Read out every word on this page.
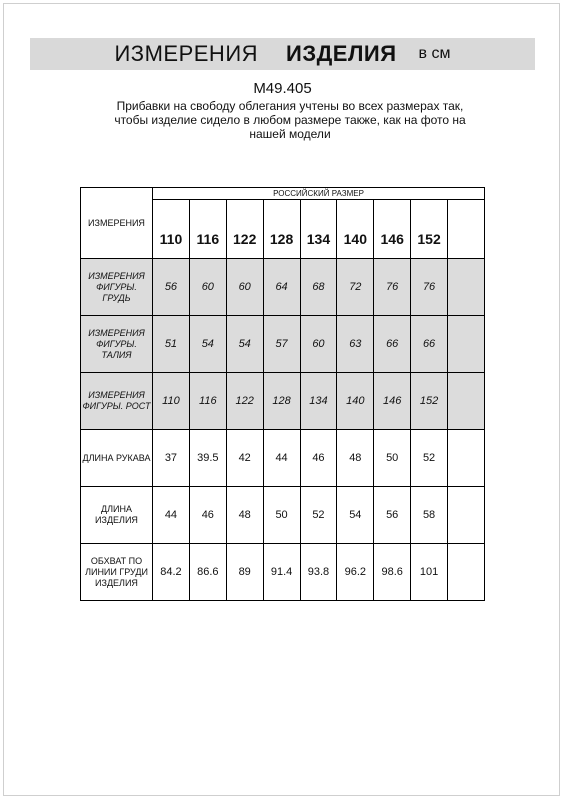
ИЗМЕРЕНИЯ ИЗДЕЛИЯ в см
M49.405
Прибавки на свободу облегания учтены во всех размерах так, чтобы изделие сидело в любом размере также, как на фото на нашей модели
ИЗМЕРЕНИЯ	РОССИЙСКИЙ РАЗМЕР								
	110	116	122	128	134	140	146	152	
ИЗМЕРЕНИЯ ФИГУРЫ. ГРУДЬ	56	60	60	64	68	72	76	76	
ИЗМЕРЕНИЯ ФИГУРЫ. ТАЛИЯ	51	54	54	57	60	63	66	66	
ИЗМЕРЕНИЯ ФИГУРЫ. РОСТ	110	116	122	128	134	140	146	152	
ДЛИНА РУКАВА	37	39.5	42	44	46	48	50	52	
ДЛИНА ИЗДЕЛИЯ	44	46	48	50	52	54	56	58	
ОБХВАТ ПО ЛИНИИ ГРУДИ ИЗДЕЛИЯ	84.2	86.6	89	91.4	93.8	96.2	98.6	101	
